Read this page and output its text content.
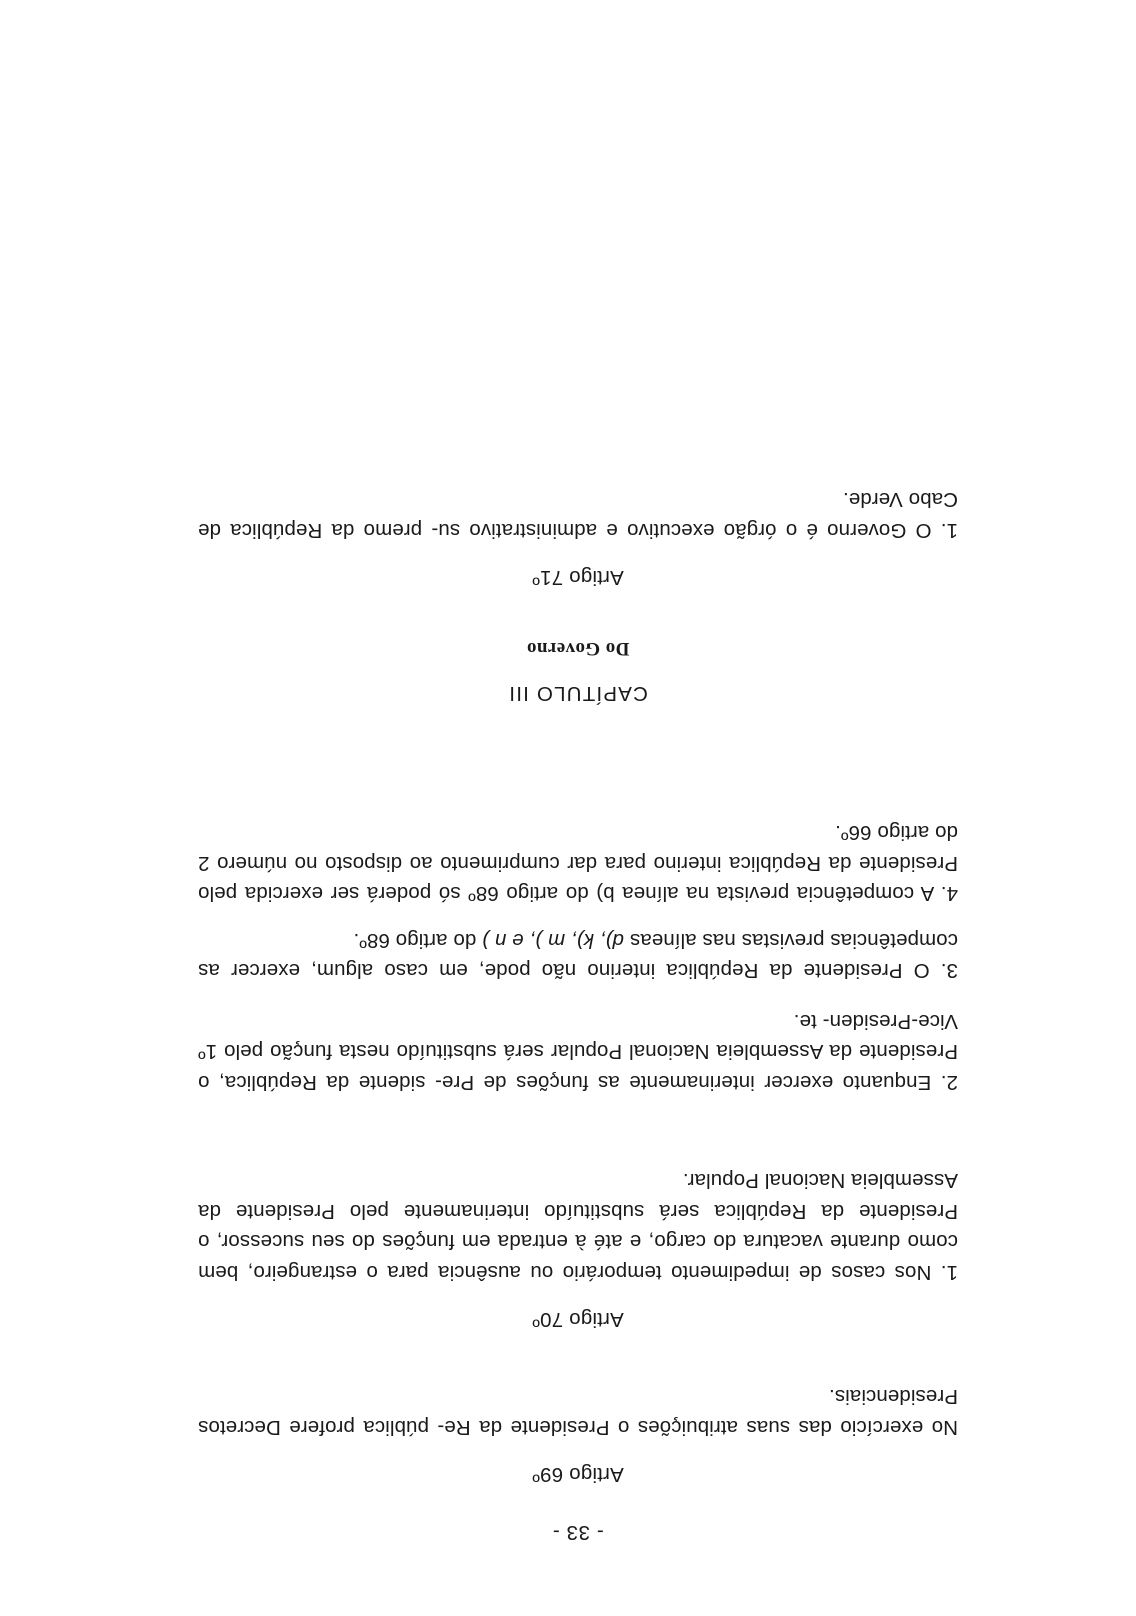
- 33 -
Artigo 69º

No exercício das suas atribuições o Presidente da Re- pública profere Decretos Presidenciais.

Artigo 70º

1. Nos casos de impedimento temporário ou ausência para o estrangeiro, bem como durante vacatura do cargo, e até à entrada em funções do seu sucessor, o Presidente da República será substituído interinamente pelo Presidente da Assembleia Nacional Popular.

2. Enquanto exercer interinamente as funções de Pre- sidente da República, o Presidente da Assembleia Nacional Popular será substituído nesta função pelo 1º Vice-Presiden- te.

3. O Presidente da República interino não pode, em caso algum, exercer as competências previstas nas alíneas d), k), m ), e n ) do artigo 68º.

4. A competência prevista na alínea b) do artigo 68º só poderá ser exercida pelo Presidente da República interino para dar cumprimento ao disposto no número 2 do artigo 66º.

CAPÍTULO III
Do Governo
Artigo 71º

1. O Governo é o órgão executivo e administrativo su- premo da República de Cabo Verde.
